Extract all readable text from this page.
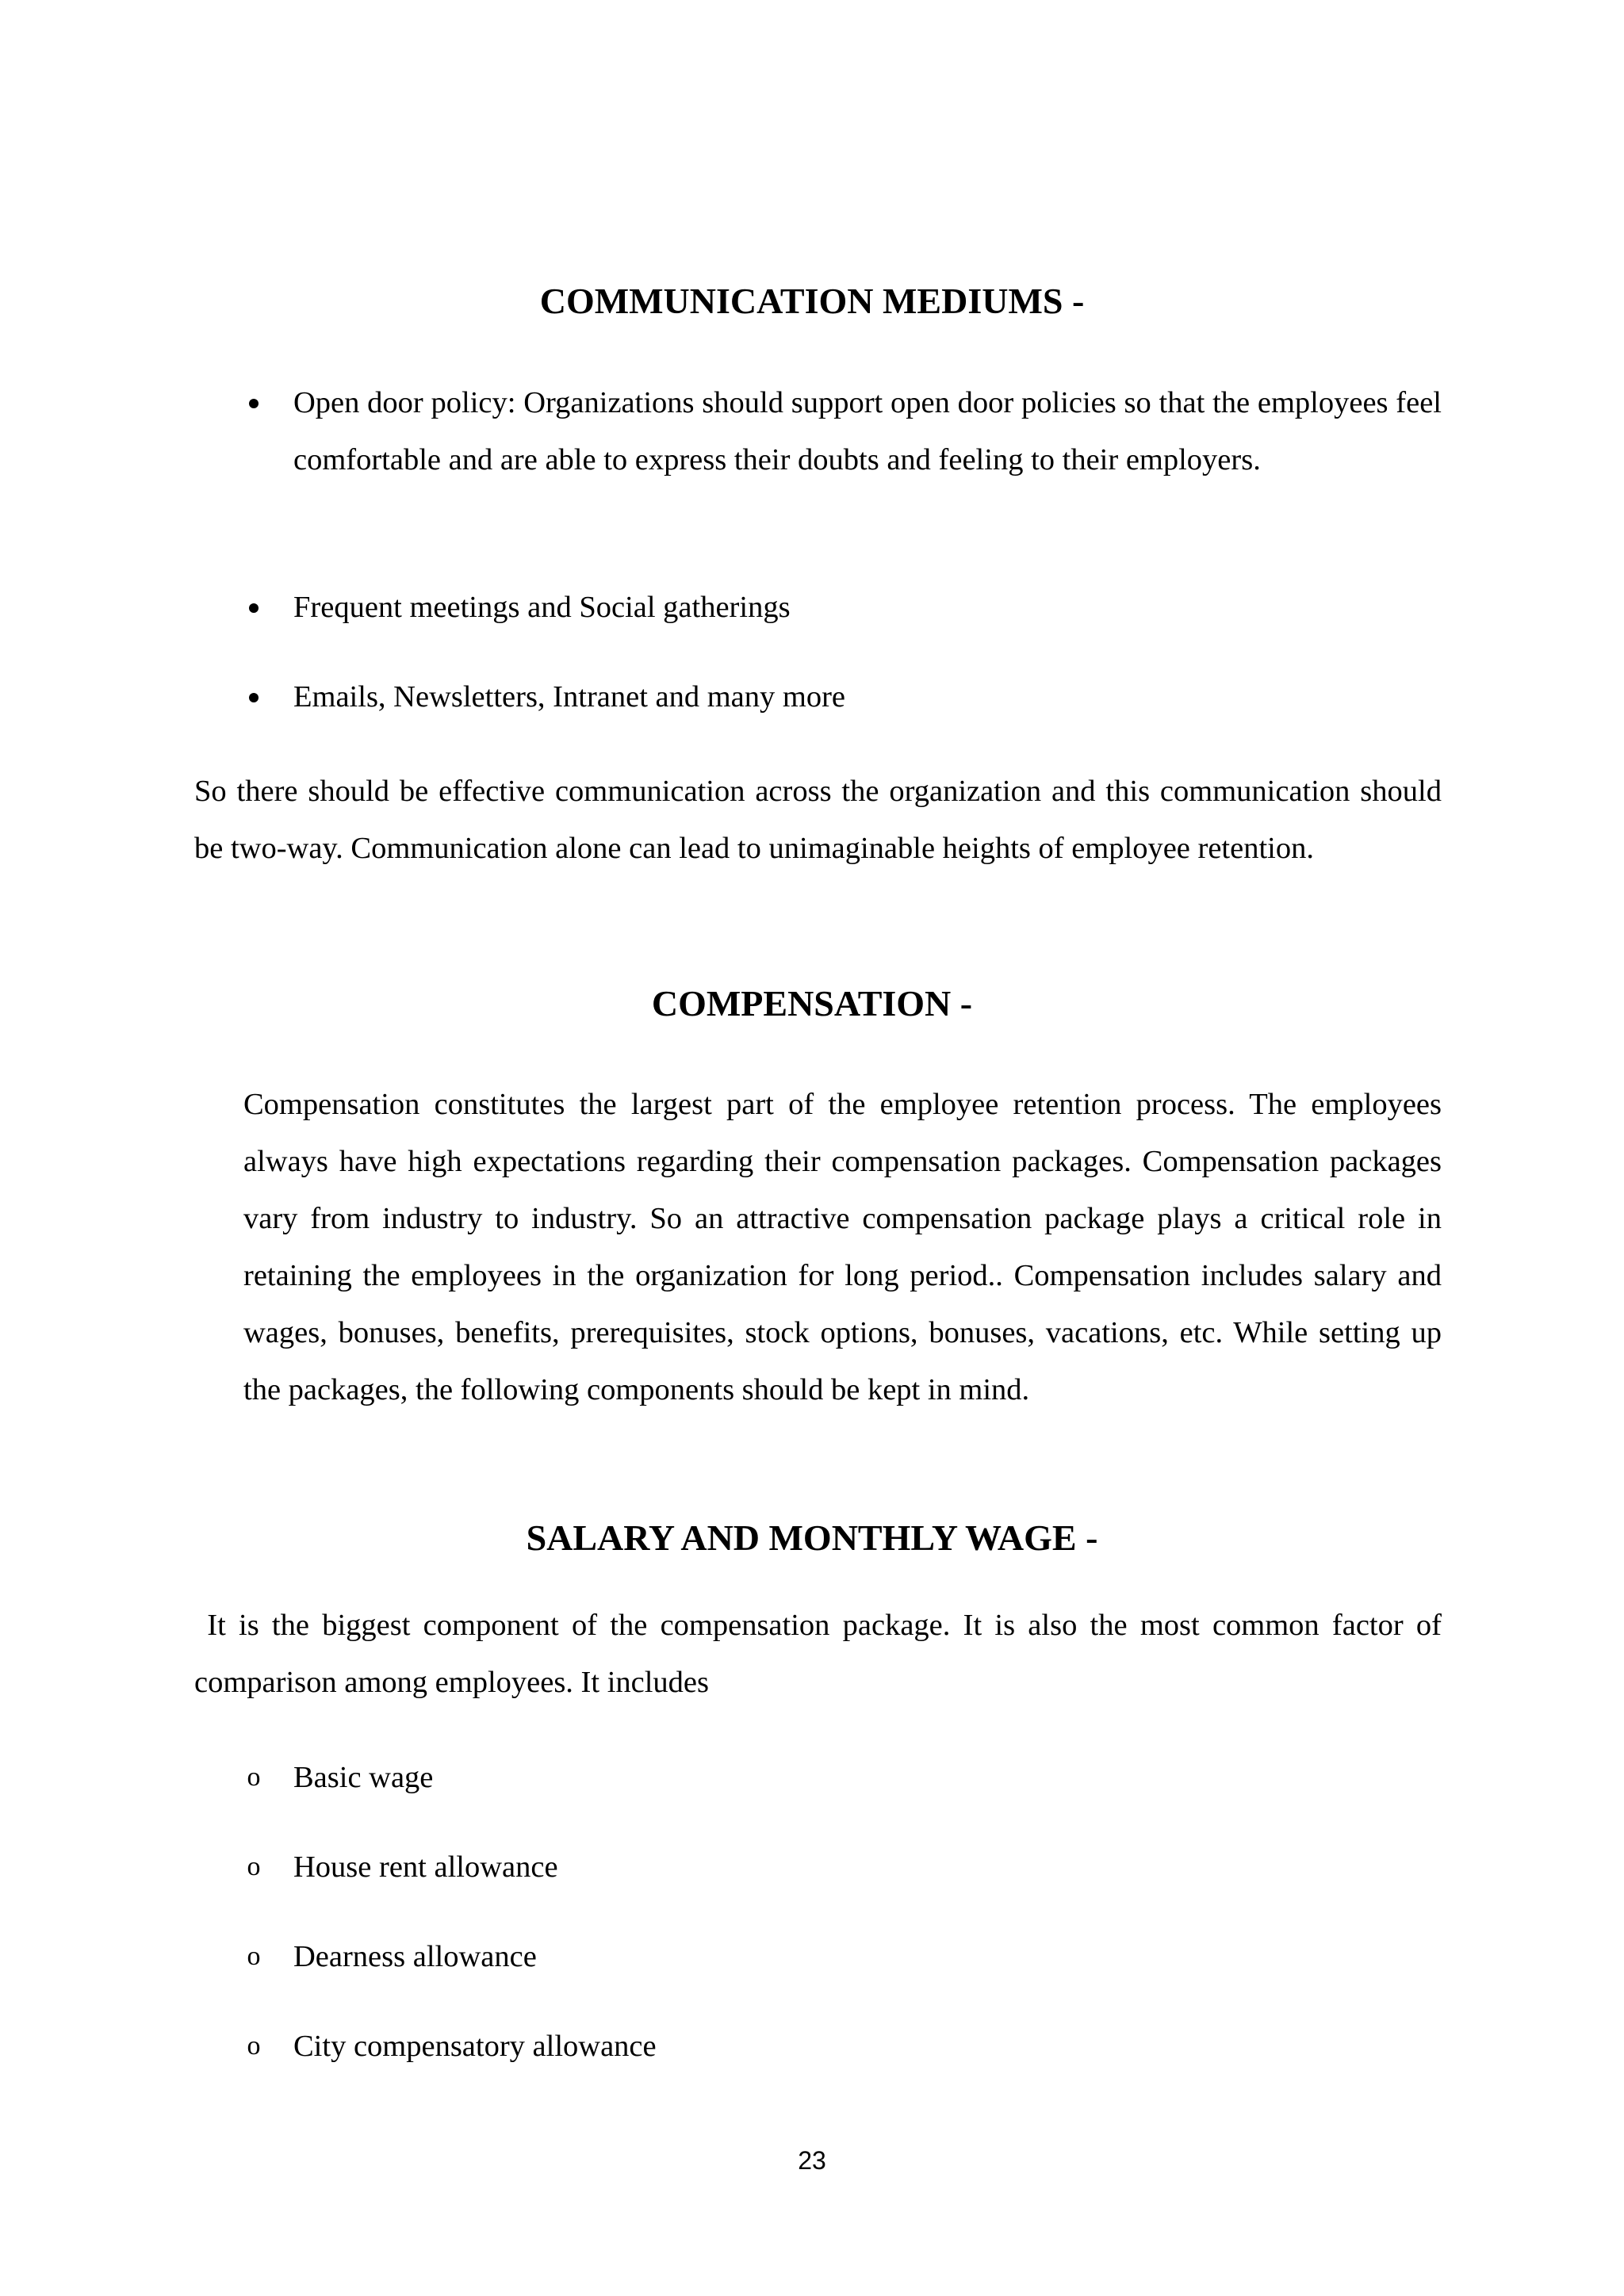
COMMUNICATION MEDIUMS -
Open door policy: Organizations should support open door policies so that the employees feel comfortable and are able to express their doubts and feeling to their employers.
Frequent meetings and Social gatherings
Emails, Newsletters, Intranet and many more

So there should be effective communication across the organization and this communication should be two-way. Communication alone can lead to unimaginable heights of employee retention.

COMPENSATION -

Compensation constitutes the largest part of the employee retention process. The employees always have high expectations regarding their compensation packages. Compensation packages vary from industry to industry. So an attractive compensation package plays a critical role in retaining the employees in the organization for long period.. Compensation includes salary and wages, bonuses, benefits, prerequisites, stock options, bonuses, vacations, etc. While setting up the packages, the following components should be kept in mind.

SALARY AND MONTHLY WAGE -

It is the biggest component of the compensation package. It is also the most common factor of comparison among employees. It includes

o Basic wage
o House rent allowance
o Dearness allowance
o City compensatory allowance
23
